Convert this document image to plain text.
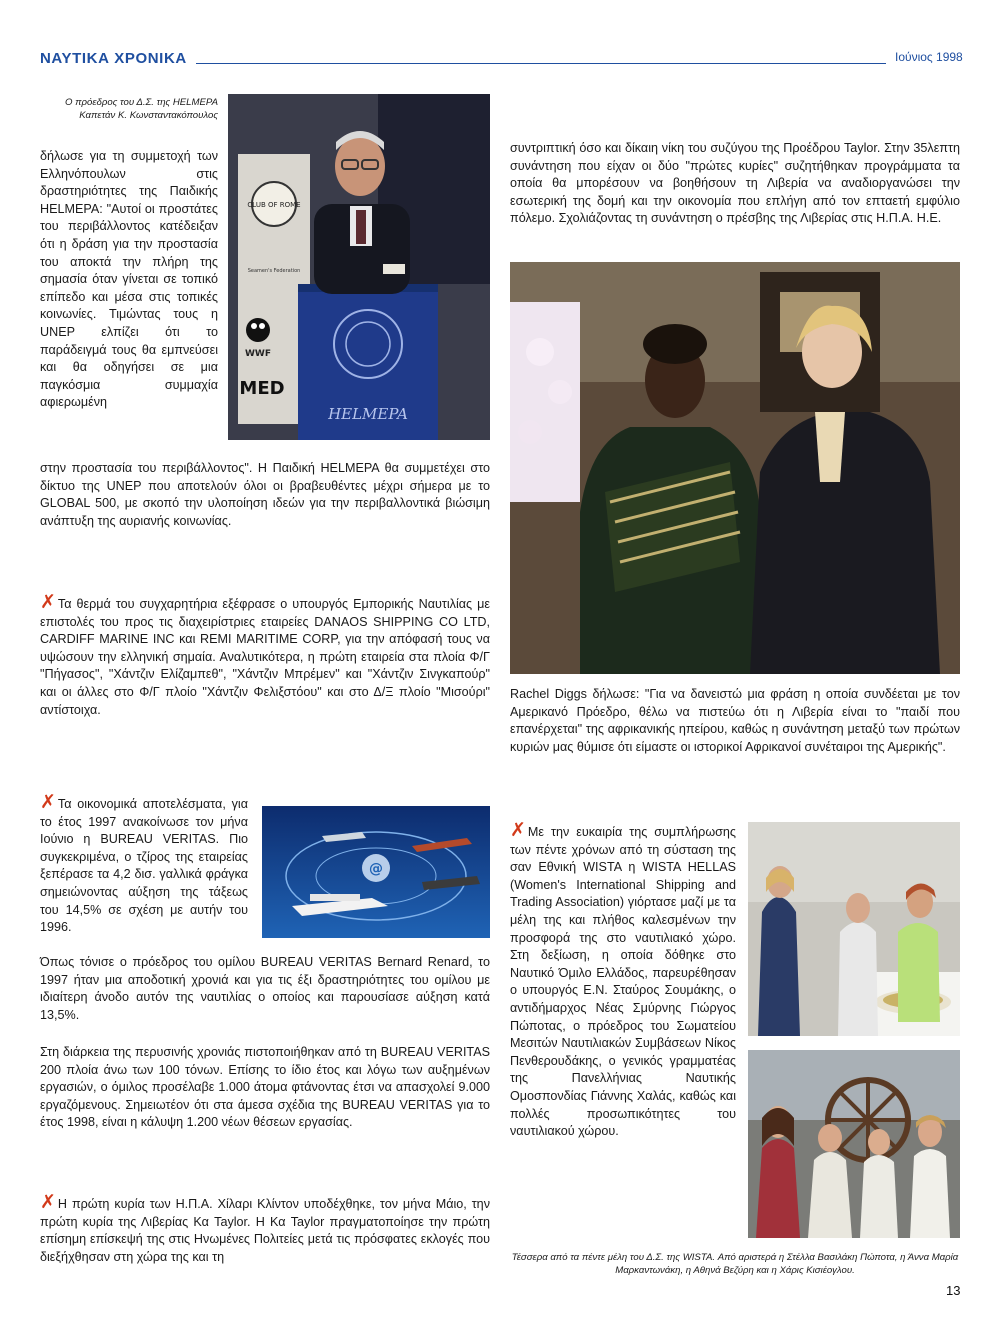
ΝΑΥΤΙΚΑ ΧΡΟΝΙΚΑ	Ιούνιος 1998
Ο πρόεδρος του Δ.Σ. της HELMEPA Καπετάν Κ. Κωνσταντακόπουλος
CLUB OF ROME
Seamen's Federation
WWF
MED
HELMEPA
δήλωσε για τη συμμετοχή των Ελληνόπουλων στις δραστηριότητες της Παιδικής HELMEPA: "Αυτοί οι προστάτες του περιβάλλοντος κατέδειξαν ότι η δράση για την προστασία του αποκτά την πλήρη της σημασία όταν γίνεται σε τοπικό επίπεδο και μέσα στις τοπικές κοινωνίες. Τιμώντας τους η UNEP ελπίζει ότι το παράδειγμά τους θα εμπνεύσει και θα οδηγήσει σε μια παγκόσμια συμμαχία αφιερωμένη
στην προστασία του περιβάλλοντος". Η Παιδική HELMEPA θα συμμετέχει στο δίκτυο της UNEP που αποτελούν όλοι οι βραβευθέντες μέχρι σήμερα με το GLOBAL 500, με σκοπό την υλοποίηση ιδεών για την περιβαλλοντικά βιώσιμη ανάπτυξη της αυριανής κοινωνίας.
✗ Τα θερμά του συγχαρητήρια εξέφρασε ο υπουργός Εμπορικής Ναυτιλίας με επιστολές του προς τις διαχειρίστριες εταιρείες DANAOS SHIPPING CO LTD, CARDIFF MARINE INC και REMI MARITIME CORP, για την απόφασή τους να υψώσουν την ελληνική σημαία. Αναλυτικότερα, η πρώτη εταιρεία στα πλοία Φ/Γ "Πήγασος", "Χάντζιν Ελίζαμπεθ", "Χάντζιν Μπρέμεν" και "Χάντζιν Σινγκαπούρ" και οι άλλες στο Φ/Γ πλοίο "Χάντζιν Φελιξστόου" και στο Δ/Ξ πλοίο "Μισούρι" αντίστοιχα.
✗ Τα οικονομικά αποτελέσματα, για το έτος 1997 ανακοίνωσε τον μήνα Ιούνιο η BUREAU VERITAS. Πιο συγκεκριμένα, ο τζίρος της εταιρείας ξεπέρασε τα 4,2 δισ. γαλλικά φράγκα σημειώνοντας αύξηση της τάξεως του 14,5% σε σχέση με αυτήν του 1996.
@
Όπως τόνισε ο πρόεδρος του ομίλου BUREAU VERITAS Bernard Renard, το 1997 ήταν μια αποδοτική χρονιά και για τις έξι δραστηριότητες του ομίλου με ιδιαίτερη άνοδο αυτόν της ναυτιλίας ο οποίος και παρουσίασε αύξηση κατά 13,5%.
Στη διάρκεια της περυσινής χρονιάς πιστοποιήθηκαν από τη BUREAU VERITAS 200 πλοία άνω των 100 τόνων. Επίσης το ίδιο έτος και λόγω των αυξημένων εργασιών, ο όμιλος προσέλαβε 1.000 άτομα φτάνοντας έτσι να απασχολεί 9.000 εργαζόμενους. Σημειωτέον ότι στα άμεσα σχέδια της BUREAU VERITAS για το έτος 1998, είναι η κάλυψη 1.200 νέων θέσεων εργασίας.
✗ Η πρώτη κυρία των Η.Π.Α. Χίλαρι Κλίντον υποδέχθηκε, τον μήνα Μάιο, την πρώτη κυρία της Λιβερίας Κα Taylor. Η Κα Taylor πραγματοποίησε την πρώτη επίσημη επίσκεψή της στις Ηνωμένες Πολιτείες μετά τις πρόσφατες εκλογές που διεξήχθησαν στη χώρα της και τη
συντριπτική όσο και δίκαιη νίκη του συζύγου της Προέδρου Taylor. Στην 35λεπτη συνάντηση που είχαν οι δύο "πρώτες κυρίες" συζητήθηκαν προγράμματα τα οποία θα μπορέσουν να βοηθήσουν τη Λιβερία να αναδιοργανώσει την εσωτερική της δομή και την οικονομία που επλήγη από τον επταετή εμφύλιο πόλεμο. Σχολιάζοντας τη συνάντηση ο πρέσβης της Λιβερίας στις Η.Π.Α. Η.Ε.
Rachel Diggs δήλωσε: "Για να δανειστώ μια φράση η οποία συνδέεται με τον Αμερικανό Πρόεδρο, θέλω να πιστεύω ότι η Λιβερία είναι το "παιδί που επανέρχεται" της αφρικανικής ηπείρου, καθώς η συνάντηση μεταξύ των πρώτων κυριών μας θύμισε ότι είμαστε οι ιστορικοί Αφρικανοί συνέταιροι της Αμερικής".
✗ Με την ευκαιρία της συμπλήρωσης των πέντε χρόνων από τη σύσταση της σαν Εθνική WISTA η WISTA HELLAS (Women's International Shipping and Trading Association) γιόρτασε μαζί με τα μέλη της και πλήθος καλεσμένων την προσφορά της στο ναυτιλιακό χώρο. Στη δεξίωση, η οποία δόθηκε στο Ναυτικό Όμιλο Ελλάδος, παρευρέθησαν ο υπουργός Ε.Ν. Σταύρος Σουμάκης, ο αντιδήμαρχος Νέας Σμύρνης Γιώργος Πώποτας, ο πρόεδρος του Σωματείου Μεσιτών Ναυτιλιακών Συμβάσεων Νίκος Πενθερουδάκης, ο γενικός γραμματέας της Πανελλήνιας Ναυτικής Ομοσπονδίας Γιάννης Χαλάς, καθώς και πολλές προσωπικότητες του ναυτιλιακού χώρου.
Τέσσερα από τα πέντε μέλη του Δ.Σ. της WISTA. Από αριστερά η Στέλλα Βασιλάκη Πώποτα, η Άννα Μαρία Μαρκαντωνάκη, η Αθηνά Βεζύρη και η Χάρις Κισιέογλου.
13
